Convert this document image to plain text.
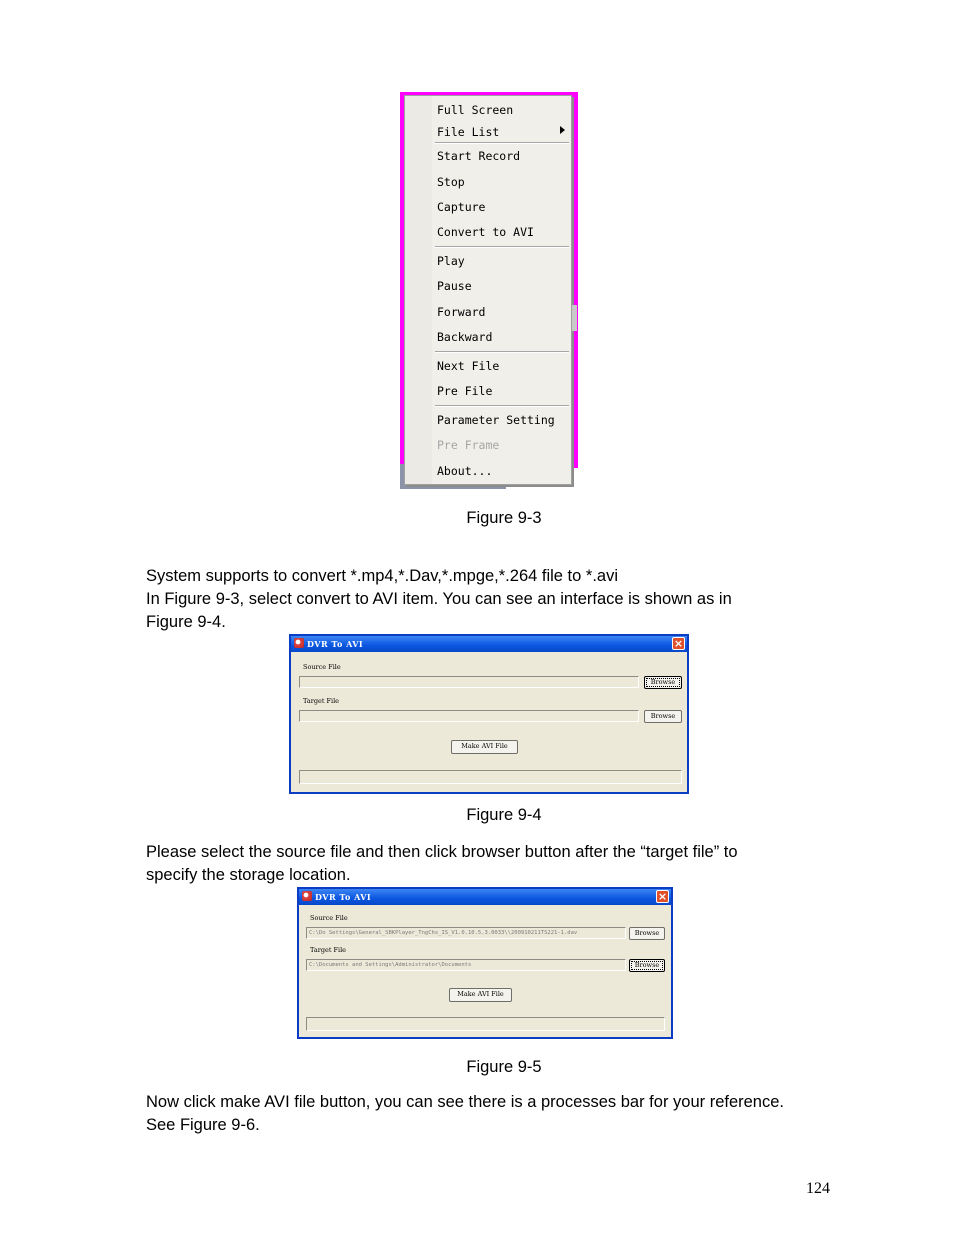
Full Screen
File List
Start Record
Stop
Capture
Convert to AVI
Play
Pause
Forward
Backward
Next File
Pre File
Parameter Setting
Pre Frame
About...
Figure 9-3
System supports to convert *.mp4,*.Dav,*.mpge,*.264 file to *.avi
In Figure 9-3, select convert to AVI item. You can see an interface is shown as in
Figure 9-4.
DVR To AVI	×
Source File
Browse
Target File
Browse
Make AVI File
Figure 9-4
Please select the source file and then click browser button after the “target file” to
specify the storage location.
DVR To AVI	×
Source File
C:\Do Settings\General_SBKPlayer_TngChs_IS_V1.0.10.5.3.0033\\200910211TS221-1.dav	Browse
Target File
C:\Documents and Settings\Administrator\Documents	Browse
Make AVI File
Figure 9-5
Now click make AVI file button, you can see there is a processes bar for your reference.
See Figure 9-6.
124
